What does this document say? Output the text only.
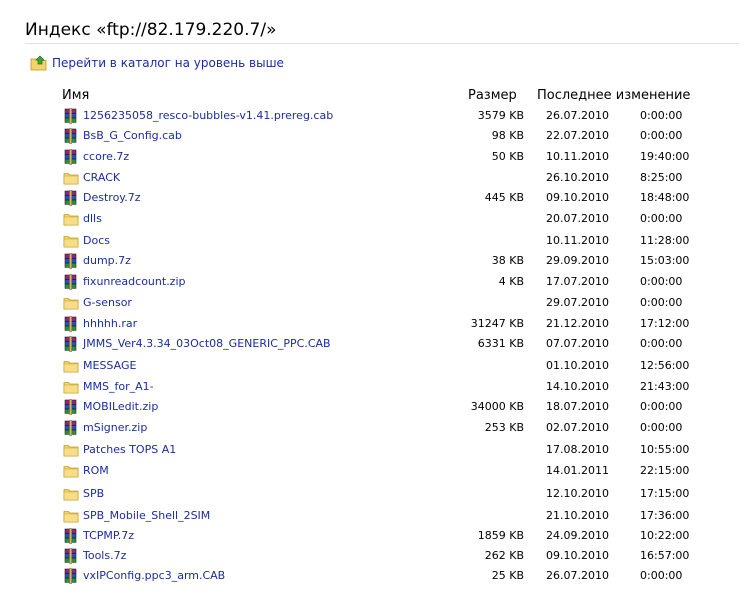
Индекс «ftp://82.179.220.7/»
Перейти в каталог на уровень выше
Имя	Размер Последнее изменение
1256235058_resco-bubbles-v1.41.prereg.cab	3579 KB 26.07.2010	0:00:00
BsB_G_Config.cab	98 KB 22.07.2010	0:00:00
ccore.7z	50 KB 10.11.2010	19:40:00
CRACK	26.10.2010	8:25:00
Destroy.7z	445 KB 09.10.2010	18:48:00
dlls	20.07.2010	0:00:00
Docs	10.11.2010	11:28:00
dump.7z	38 KB 29.09.2010	15:03:00
fixunreadcount.zip	4 KB 17.07.2010	0:00:00
G-sensor	29.07.2010	0:00:00
hhhhh.rar	31247 KB 21.12.2010	17:12:00
JMMS_Ver4.3.34_03Oct08_GENERIC_PPC.CAB	6331 KB 07.07.2010	0:00:00
MESSAGE	01.10.2010	12:56:00
MMS_for_A1-	14.10.2010	21:43:00
MOBILedit.zip	34000 KB 18.07.2010	0:00:00
mSigner.zip	253 KB 02.07.2010	0:00:00
Patches TOPS A1	17.08.2010	10:55:00
ROM	14.01.2011	22:15:00
SPB	12.10.2010	17:15:00
SPB_Mobile_Shell_2SIM	21.10.2010	17:36:00
TCPMP.7z	1859 KB 24.09.2010	10:22:00
Tools.7z	262 KB 09.10.2010	16:57:00
vxIPConfig.ppc3_arm.CAB	25 KB 26.07.2010	0:00:00
